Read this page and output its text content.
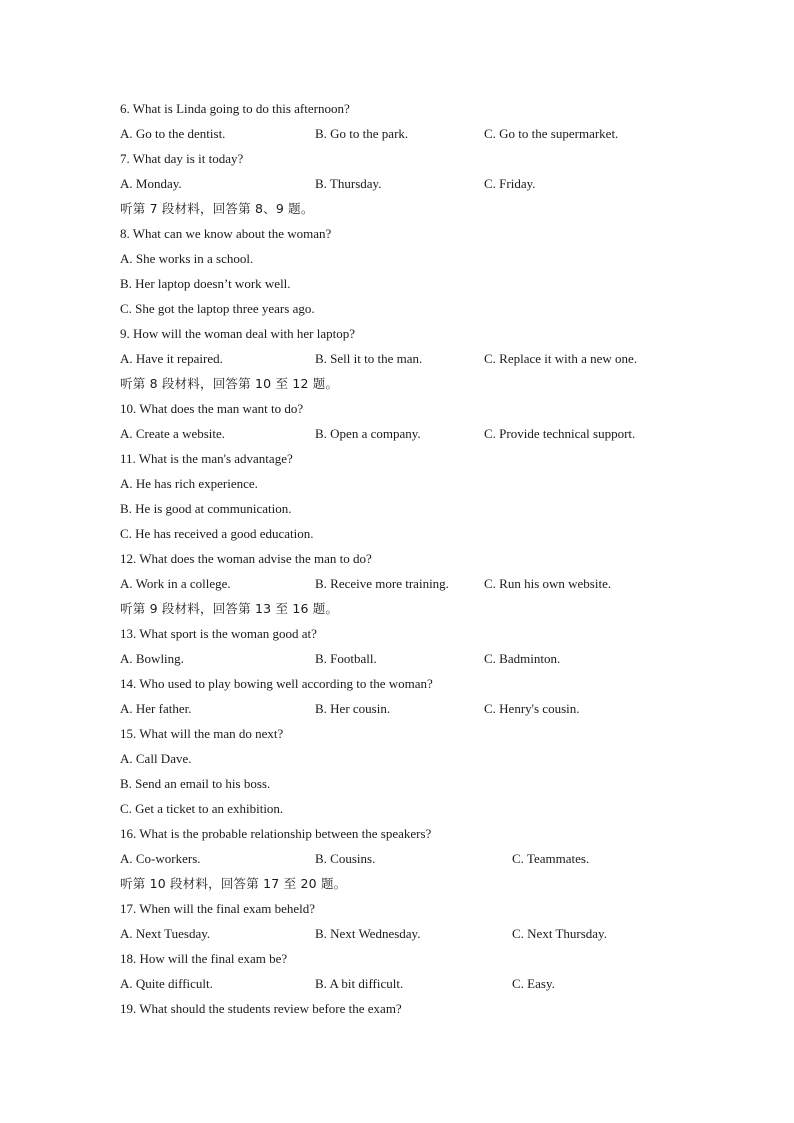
6. What is Linda going to do this afternoon?
A. Go to the dentist.	B. Go to the park.	C. Go to the supermarket.
7. What day is it today?
A. Monday.	B. Thursday.	C. Friday.
听第 7 段材料，回答第 8、9 题。
8. What can we know about the woman?
A. She works in a school.
B. Her laptop doesn’t work well.
C. She got the laptop three years ago.
9. How will the woman deal with her laptop?
A. Have it repaired.	B. Sell it to the man.	C. Replace it with a new one.
听第 8 段材料，回答第 10 至 12 题。
10. What does the man want to do?
A. Create a website.	B. Open a company.	C. Provide technical support.
11. What is the man's advantage?
A. He has rich experience.
B. He is good at communication.
C. He has received a good education.
12. What does the woman advise the man to do?
A. Work in a college.	B. Receive more training.	C. Run his own website.
听第 9 段材料，回答第 13 至 16 题。
13. What sport is the woman good at?
A. Bowling.	B. Football.	C. Badminton.
14. Who used to play bowing well according to the woman?
A. Her father.	B. Her cousin.	C. Henry's cousin.
15. What will the man do next?
A. Call Dave.
B. Send an email to his boss.
C. Get a ticket to an exhibition.
16. What is the probable relationship between the speakers?
A. Co-workers.	B. Cousins.	C. Teammates.
听第 10 段材料，回答第 17 至 20 题。
17. When will the final exam beheld?
A. Next Tuesday.	B. Next Wednesday.	C. Next Thursday.
18. How will the final exam be?
A. Quite difficult.	B. A bit difficult.	C. Easy.
19. What should the students review before the exam?
